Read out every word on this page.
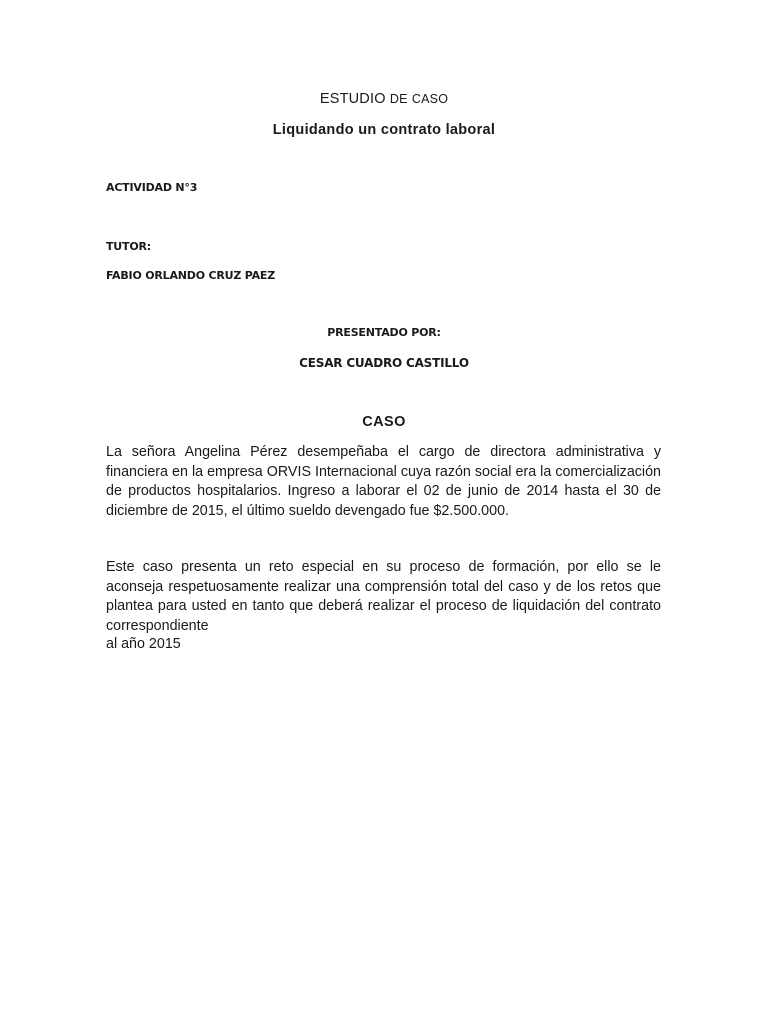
ESTUDIO DE CASO
Liquidando un contrato laboral
ACTIVIDAD N°3
TUTOR:
FABIO ORLANDO CRUZ PAEZ
PRESENTADO POR:
CESAR CUADRO CASTILLO
CASO
La señora Angelina Pérez desempeñaba el cargo de directora administrativa y financiera en la empresa ORVIS Internacional cuya razón social era la comercialización de productos hospitalarios. Ingreso a laborar el 02 de junio de 2014 hasta el 30 de diciembre de 2015, el último sueldo devengado fue $2.500.000.
Este caso presenta un reto especial en su proceso de formación, por ello se le aconseja respetuosamente realizar una comprensión total del caso y de los retos que plantea para usted en tanto que deberá realizar el proceso de liquidación del contrato correspondiente
al año 2015
